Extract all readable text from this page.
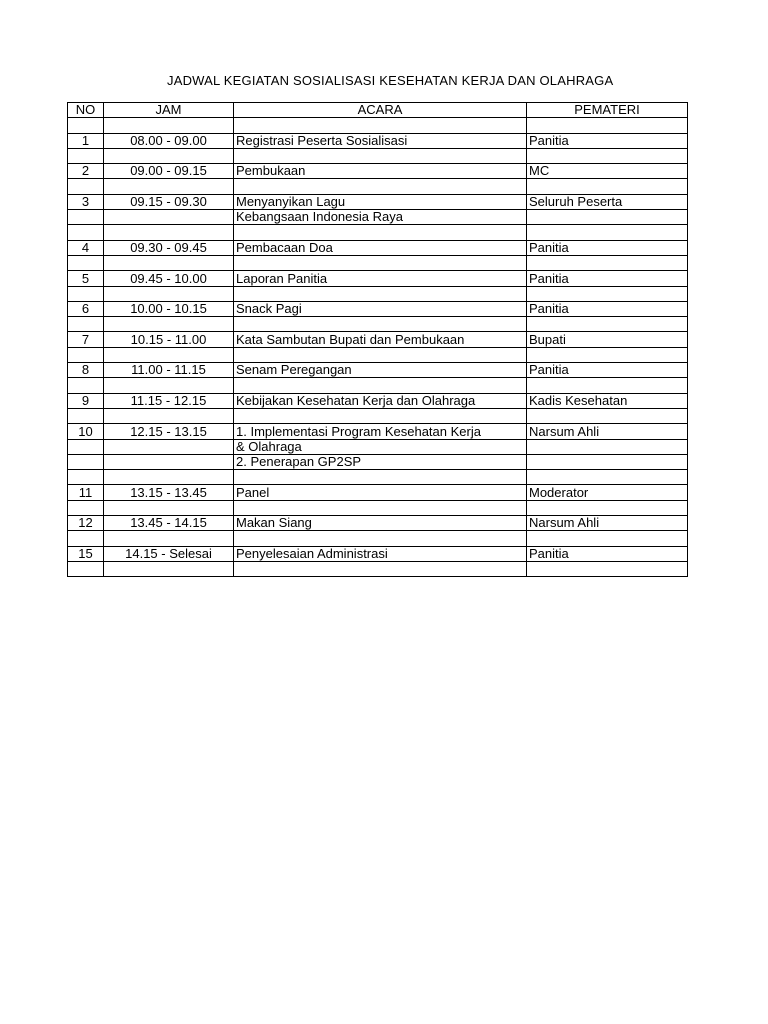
JADWAL KEGIATAN SOSIALISASI KESEHATAN KERJA DAN OLAHRAGA
NO	JAM	ACARA	PEMATERI

1	08.00 - 09.00	Registrasi Peserta Sosialisasi	Panitia

2	09.00 - 09.15	Pembukaan	MC

3	09.15 - 09.30	Menyanyikan Lagu	Seluruh Peserta
		Kebangsaan Indonesia Raya	

4	09.30 - 09.45	Pembacaan Doa	Panitia

5	09.45 - 10.00	Laporan Panitia	Panitia

6	10.00 - 10.15	Snack Pagi	Panitia

7	10.15 - 11.00	Kata Sambutan Bupati dan Pembukaan	Bupati

8	11.00 - 11.15	Senam Peregangan	Panitia

9	11.15 - 12.15	Kebijakan Kesehatan Kerja dan Olahraga	Kadis Kesehatan

10	12.15 - 13.15	1. Implementasi Program Kesehatan Kerja	Narsum Ahli
		& Olahraga	
		2. Penerapan GP2SP	

11	13.15 - 13.45	Panel	Moderator

12	13.45 - 14.15	Makan Siang	Narsum Ahli

15	14.15 - Selesai	Penyelesaian Administrasi	Panitia
